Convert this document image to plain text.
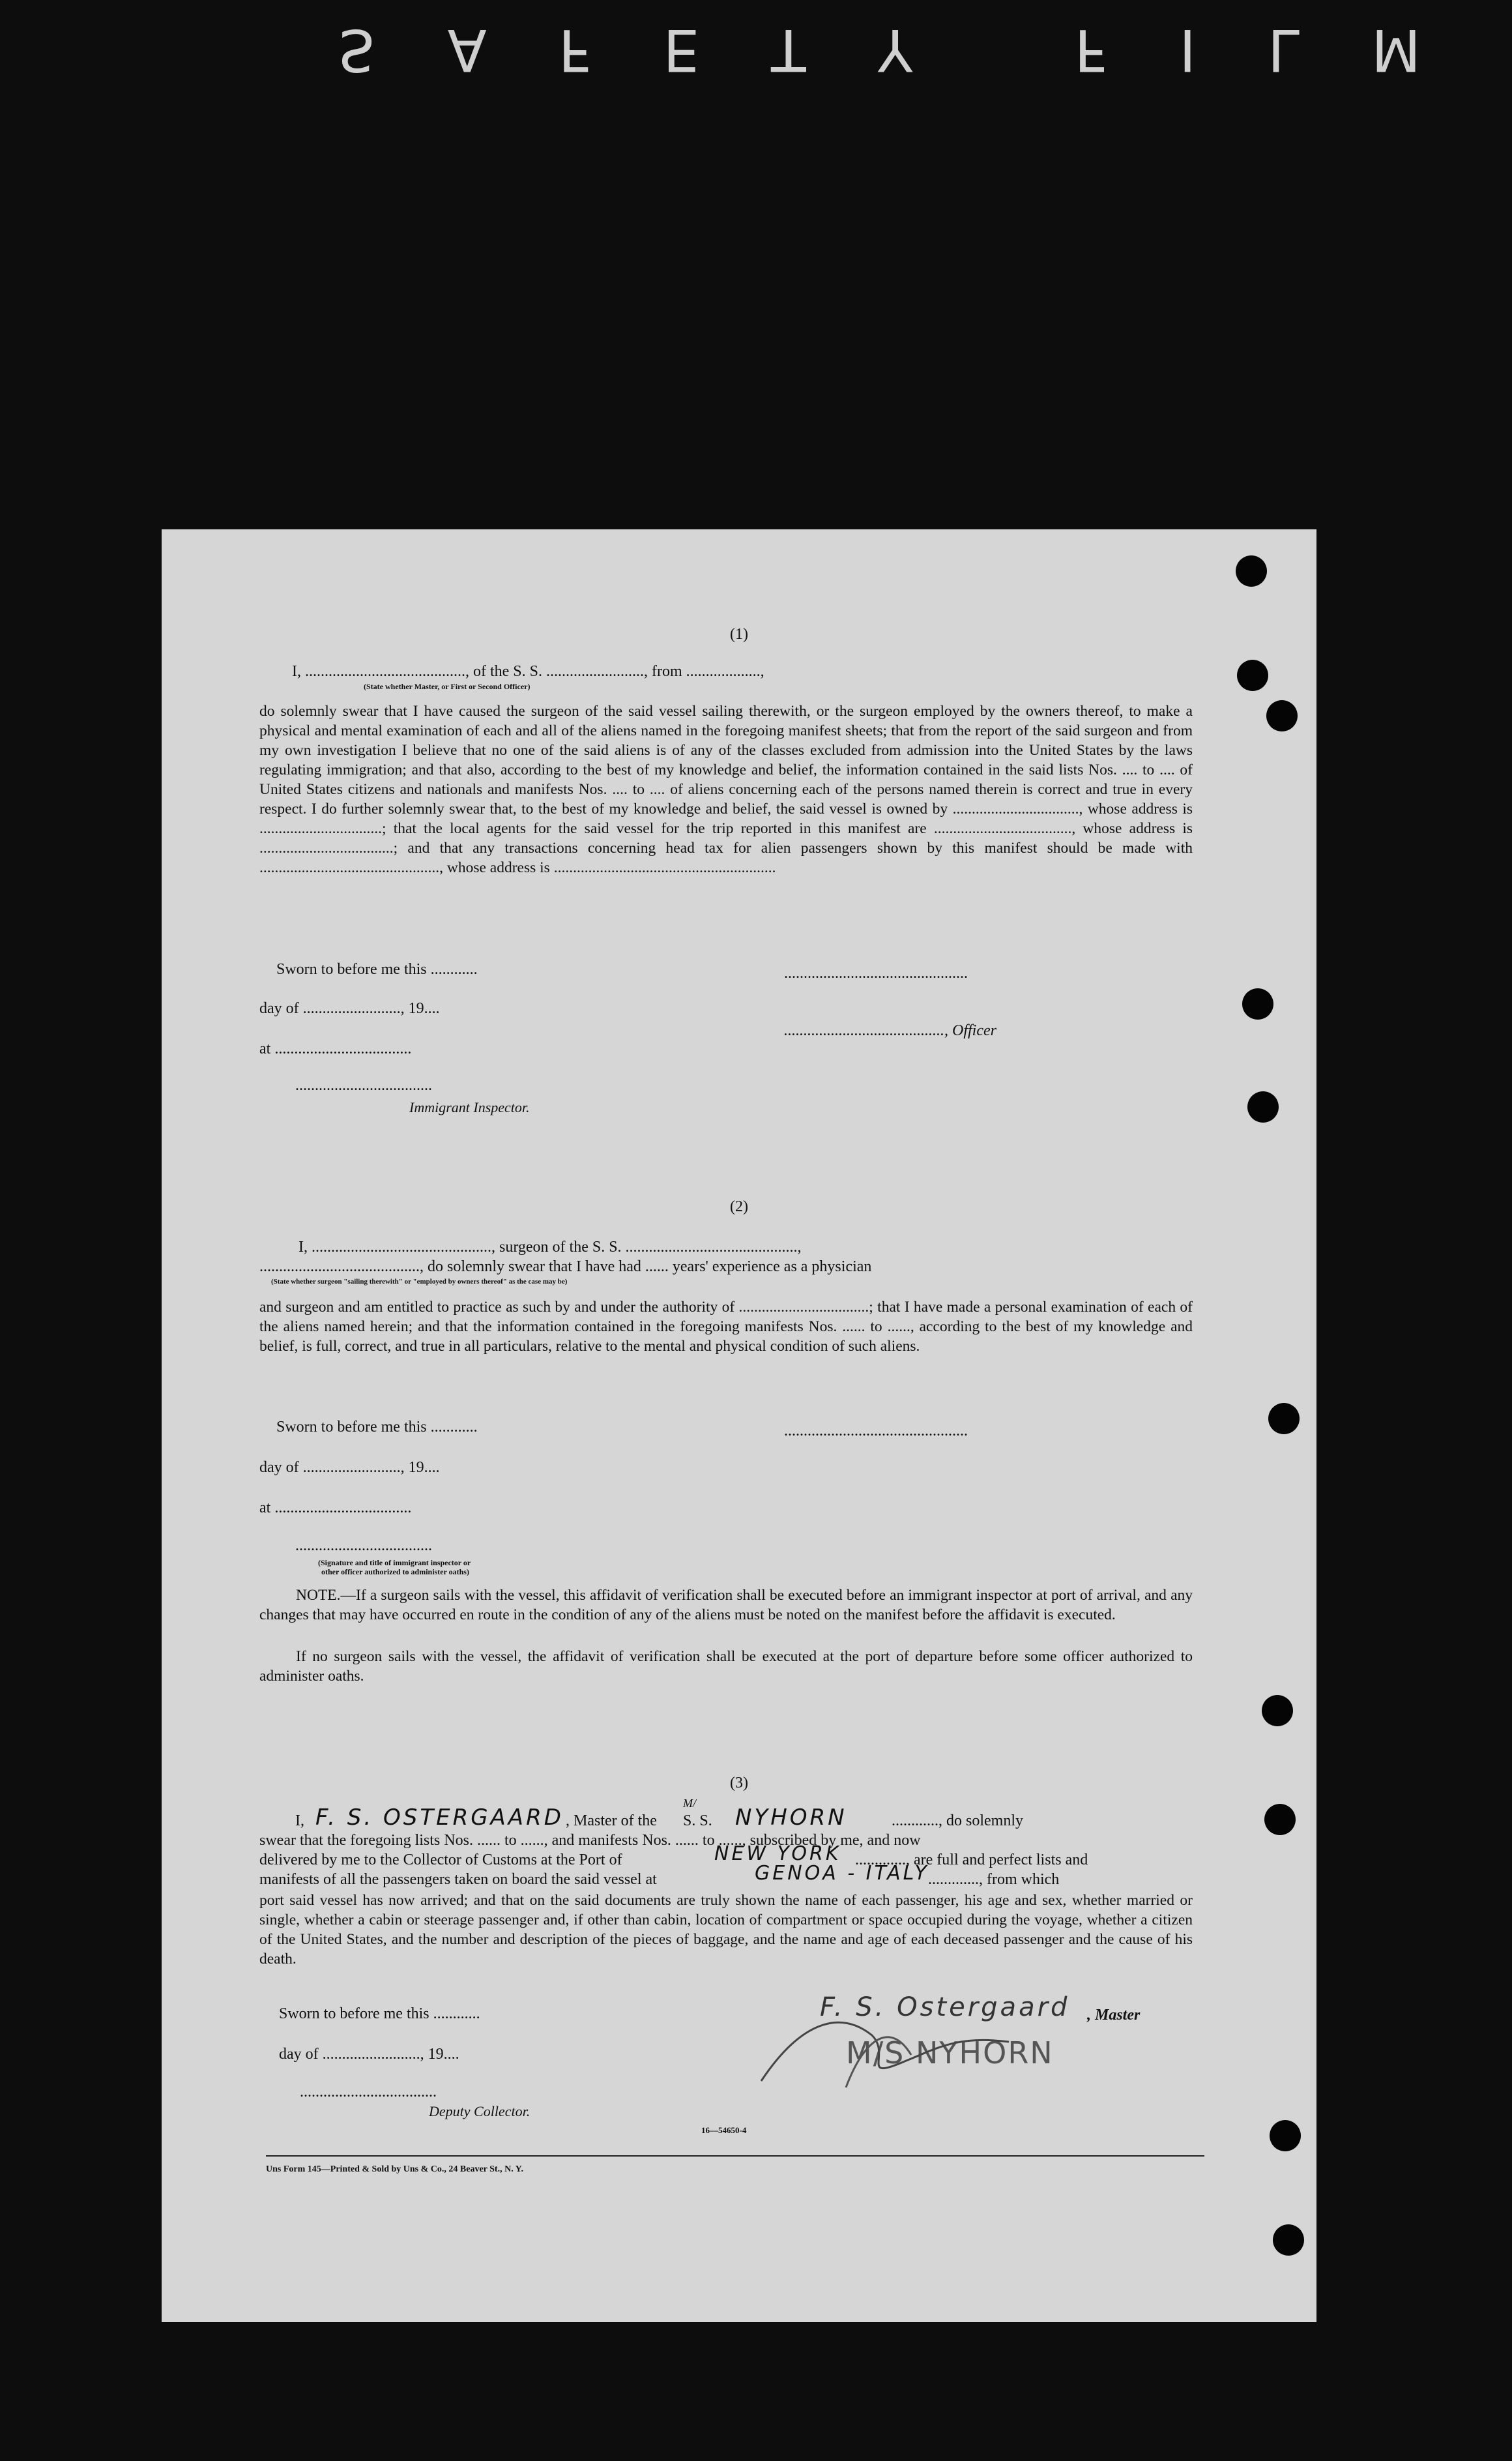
SAFETY FILM
(1)
I, ........................................., of the S. S. ........................., from ...................,
(State whether Master, or First or Second Officer)
do solemnly swear that I have caused the surgeon of the said vessel sailing therewith, or the surgeon employed by the owners thereof, to make a physical and mental examination of each and all of the aliens named in the foregoing manifest sheets; that from the report of the said surgeon and from my own investigation I believe that no one of the said aliens is of any of the classes excluded from admission into the United States by the laws regulating immigration; and that also, according to the best of my knowledge and belief, the information contained in the said lists Nos. .... to .... of United States citizens and nationals and manifests Nos. .... to .... of aliens concerning each of the persons named therein is correct and true in every respect. I do further solemnly swear that, to the best of my knowledge and belief, the said vessel is owned by ................................., whose address is ................................; that the local agents for the said vessel for the trip reported in this manifest are ...................................., whose address is ...................................; and that any transactions concerning head tax for alien passengers shown by this manifest should be made with ..............................................., whose address is ..........................................................
Sworn to before me this ............
day of ........................., 19....
at ...................................
...................................
Immigrant Inspector.
...............................................
........................................., Officer
(2)
I, .............................................., surgeon of the S. S. ............................................,
........................................., do solemnly swear that I have had ...... years' experience as a physician
(State whether surgeon "sailing therewith" or "employed by owners thereof" as the case may be)
and surgeon and am entitled to practice as such by and under the authority of ..................................; that I have made a personal examination of each of the aliens named herein; and that the information contained in the foregoing manifests Nos. ...... to ......, according to the best of my knowledge and belief, is full, correct, and true in all particulars, relative to the mental and physical condition of such aliens.
Sworn to before me this ............
day of ........................., 19....
at ...................................
...................................
(Signature and title of immigrant inspector or
other officer authorized to administer oaths)
...............................................
NOTE.—If a surgeon sails with the vessel, this affidavit of verification shall be executed before an immigrant inspector at port of arrival, and any changes that may have occurred en route in the condition of any of the aliens must be noted on the manifest before the affidavit is executed.
If no surgeon sails with the vessel, the affidavit of verification shall be executed at the port of departure before some officer authorized to administer oaths.
(3)
I, F. S. OSTERGAARD , Master of the
M/
S. S. NYHORN	............, do solemnly
swear that the foregoing lists Nos. ...... to ......, and manifests Nos. ...... to ......, subscribed by me, and now
delivered by me to the Collector of Customs at the Port of	NEW YORK ............., are full and perfect lists and
manifests of all the passengers taken on board the said vessel at	GENOA - ITALY
............., from which
port said vessel has now arrived; and that on the said documents are truly shown the name of each passenger, his age and sex, whether married or single, whether a cabin or steerage passenger and, if other than cabin, location of compartment or space occupied during the voyage, whether a citizen of the United States, and the number and description of the pieces of baggage, and the name and age of each deceased passenger and the cause of his death.
Sworn to before me this ............
day of ........................., 19....
...................................
Deputy Collector.
F. S. Ostergaard , Master
M/S NYHORN
16—54650-4
Uns Form 145—Printed & Sold by Uns & Co., 24 Beaver St., N. Y.
